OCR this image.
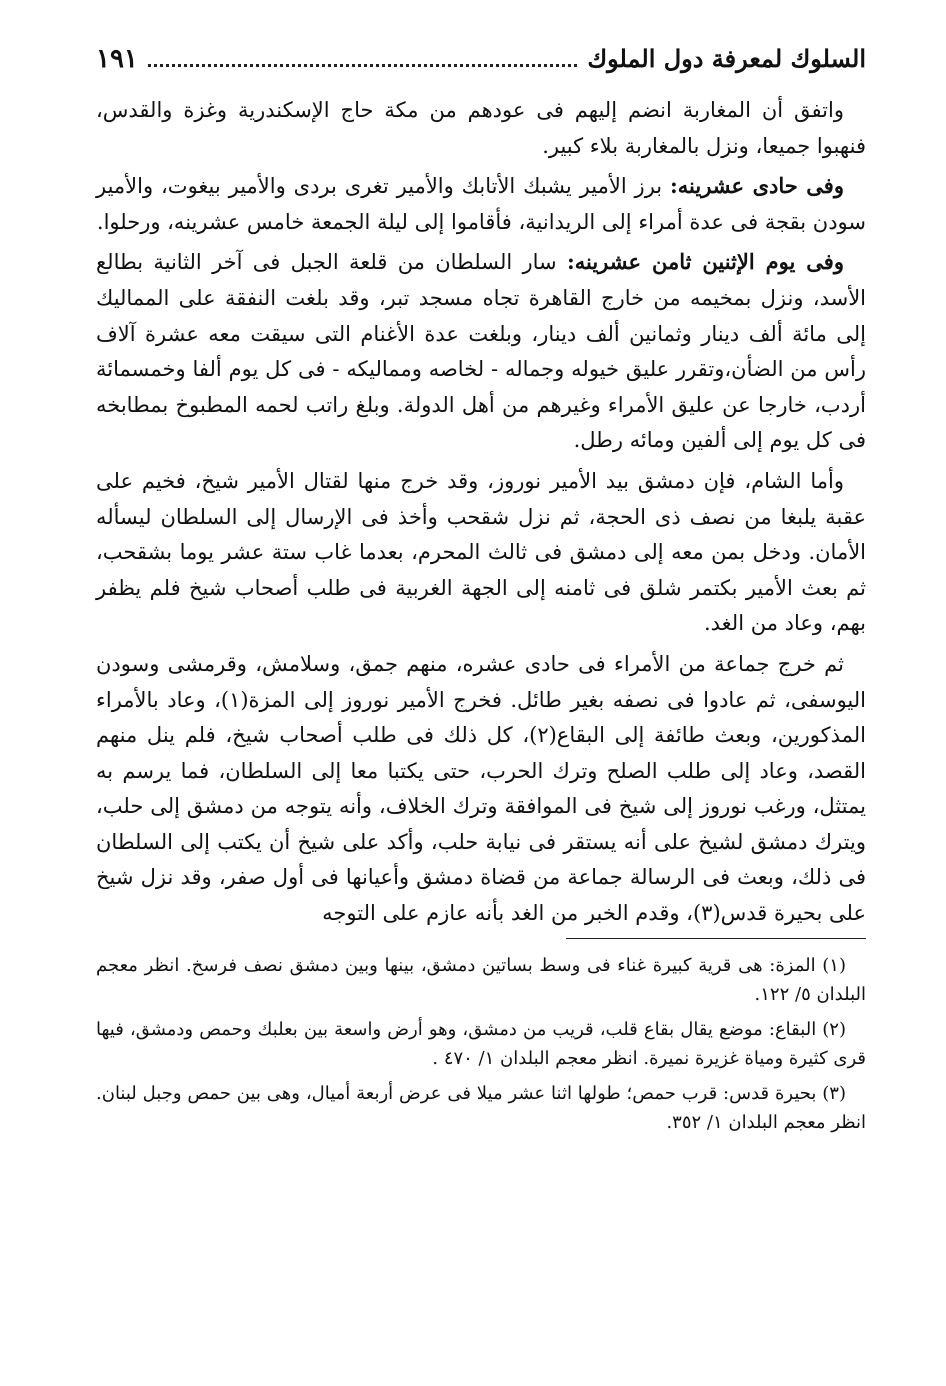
السلوك لمعرفة دول الملوك
١٩١

واتفق أن المغاربة انضم إليهم فى عودهم من مكة حاج الإسكندرية وغزة والقدس، فنهبوا جميعا، ونزل بالمغاربة بلاء كبير.

وفى حادى عشرينه: برز الأمير يشبك الأتابك والأمير تغرى بردى والأمير بيغوت، والأمير سودن بقجة فى عدة أمراء إلى الريدانية، فأقاموا إلى ليلة الجمعة خامس عشرينه، ورحلوا.

وفى يوم الإثنين ثامن عشرينه: سار السلطان من قلعة الجبل فى آخر الثانية بطالع الأسد، ونزل بمخيمه من خارج القاهرة تجاه مسجد تبر، وقد بلغت النفقة على المماليك إلى مائة ألف دينار وثمانين ألف دينار، وبلغت عدة الأغنام التى سيقت معه عشرة آلاف رأس من الضأن،وتقرر عليق خيوله وجماله - لخاصه ومماليكه - فى كل يوم ألفا وخمسمائة أردب، خارجا عن عليق الأمراء وغيرهم من أهل الدولة. وبلغ راتب لحمه المطبوخ بمطابخه فى كل يوم إلى ألفين ومائه رطل.

وأما الشام، فإن دمشق بيد الأمير نوروز، وقد خرج منها لقتال الأمير شيخ، فخيم على عقبة يلبغا من نصف ذى الحجة، ثم نزل شقحب وأخذ فى الإرسال إلى السلطان ليسأله الأمان. ودخل بمن معه إلى دمشق فى ثالث المحرم، بعدما غاب ستة عشر يوما بشقحب، ثم بعث الأمير بكتمر شلق فى ثامنه إلى الجهة الغربية فى طلب أصحاب شيخ فلم يظفر بهم، وعاد من الغد.

ثم خرج جماعة من الأمراء فى حادى عشره، منهم جمق، وسلامش، وقرمشى وسودن اليوسفى، ثم عادوا فى نصفه بغير طائل. فخرج الأمير نوروز إلى المزة(١)، وعاد بالأمراء المذكورين، وبعث طائفة إلى البقاع(٢)، كل ذلك فى طلب أصحاب شيخ، فلم ينل منهم القصد، وعاد إلى طلب الصلح وترك الحرب، حتى يكتبا معا إلى السلطان، فما يرسم به يمتثل، ورغب نوروز إلى شيخ فى الموافقة وترك الخلاف، وأنه يتوجه من دمشق إلى حلب، ويترك دمشق لشيخ على أنه يستقر فى نيابة حلب، وأكد على شيخ أن يكتب إلى السلطان فى ذلك، وبعث فى الرسالة جماعة من قضاة دمشق وأعيانها فى أول صفر، وقد نزل شيخ على بحيرة قدس(٣)، وقدم الخبر من الغد بأنه عازم على التوجه

(١) المزة: هى قرية كبيرة غناء فى وسط بساتين دمشق، بينها وبين دمشق نصف فرسخ. انظر معجم البلدان ٥/ ١٢٢.

(٢) البقاع: موضع يقال بقاع قلب، قريب من دمشق، وهو أرض واسعة بين بعلبك وحمص ودمشق، فيها قرى كثيرة ومياة غزيرة نميرة. انظر معجم البلدان ١/ ٤٧٠ .

(٣) بحيرة قدس: قرب حمص؛ طولها اثنا عشر ميلا فى عرض أربعة أميال، وهى بين حمص وجبل لبنان. انظر معجم البلدان ١/ ٣٥٢.
